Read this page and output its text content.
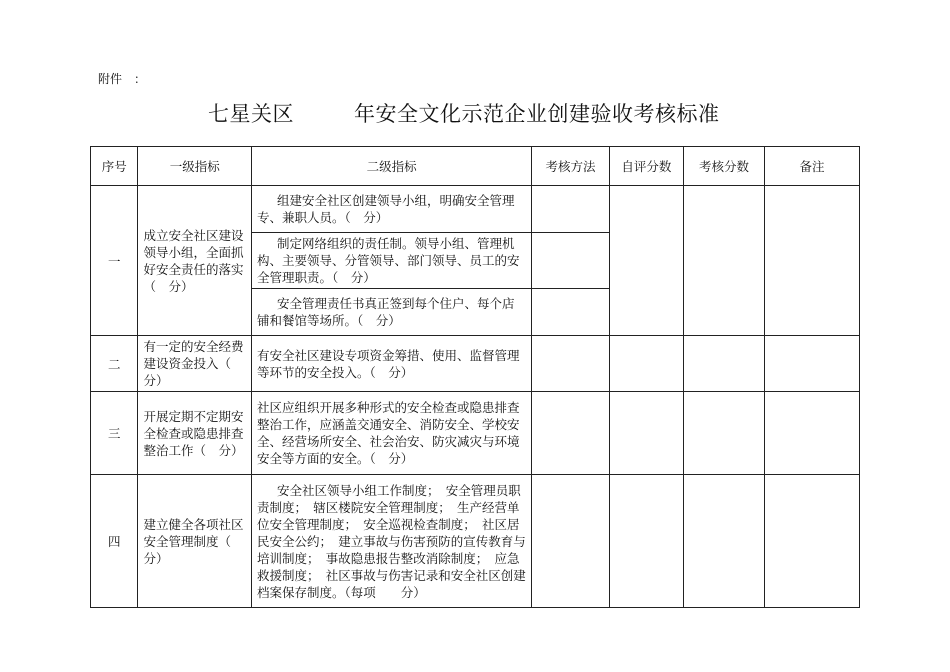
附件　：
七星关区	年安全文化示范企业创建验收考核标准
序号	一级指标	二级指标	考核方法	自评分数	考核分数	备注
一	成立安全社区建设领导小组，全面抓好安全责任的落实（　分）	组建安全社区创建领导小组，明确安全管理专、兼职人员。（　分）				
		制定网络组织的责任制。领导小组、管理机构、主要领导、分管领导、部门领导、员工的安全管理职责。（　分）				
		安全管理责任书真正签到每个住户、每个店铺和餐馆等场所。（　分）				
二	有一定的安全经费建设资金投入（　分）	有安全社区建设专项资金筹措、使用、监督管理等环节的安全投入。（　分）				
三	开展定期不定期安全检查或隐患排查整治工作（　分）	社区应组织开展多种形式的安全检查或隐患排查整治工作，应涵盖交通安全、消防安全、学校安全、经营场所安全、社会治安、防灾减灾与环境安全等方面的安全。（　分）				
四	建立健全各项社区安全管理制度（　分）	安全社区领导小组工作制度；　安全管理员职责制度；　辖区楼院安全管理制度；　生产经营单位安全管理制度；　安全巡视检查制度；　社区居民安全公约；　建立事故与伤害预防的宣传教育与培训制度；　事故隐患报告整改消除制度；　应急救援制度；　社区事故与伤害记录和安全社区创建档案保存制度。（每项　　分）				
